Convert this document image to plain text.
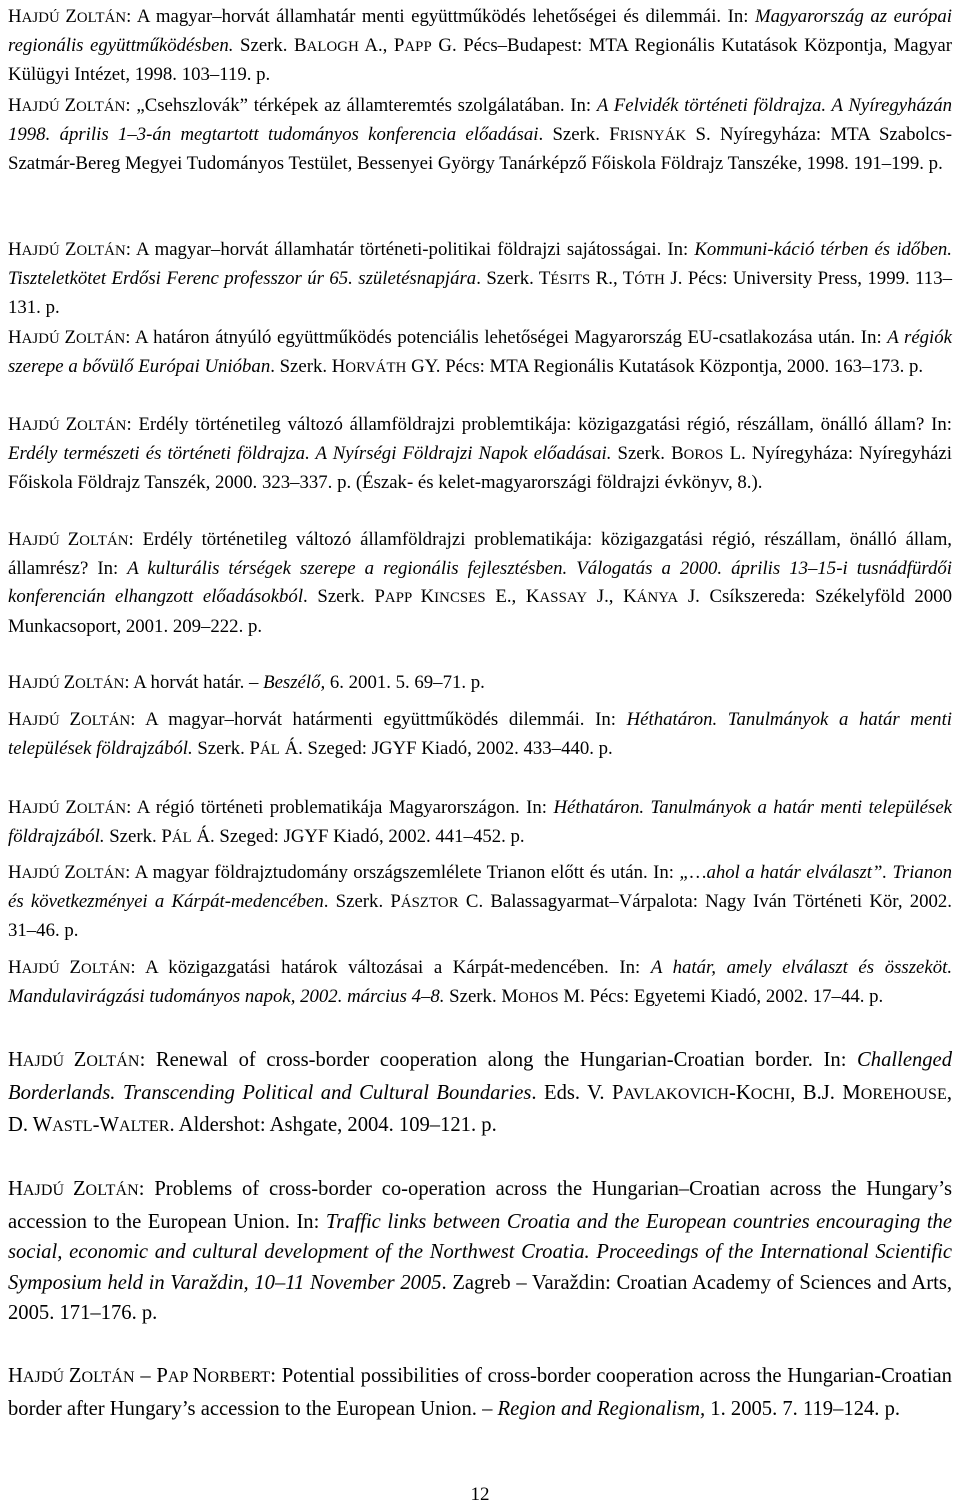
HAJDÚ ZOLTÁN: A magyar–horvát államhatár menti együttműködés lehetőségei és dilemmái. In: Magyarország az európai regionális együttműködésben. Szerk. BALOGH A., PAPP G. Pécs–Budapest: MTA Regionális Kutatások Központja, Magyar Külügyi Intézet, 1998. 103–119. p.
HAJDÚ ZOLTÁN: „Csehszlovák” térképek az államteremtés szolgálatában. In: A Felvidék történeti földrajza. A Nyíregyházán 1998. április 1–3-án megtartott tudományos konferencia előadásai. Szerk. FRISNYÁK S. Nyíregyháza: MTA Szabolcs-Szatmár-Bereg Megyei Tudományos Testület, Bessenyei György Tanárképző Főiskola Földrajz Tanszéke, 1998. 191–199. p.
HAJDÚ ZOLTÁN: A magyar–horvát államhatár történeti-politikai földrajzi sajátosságai. In: Kommuni-káció térben és időben. Tiszteletkötet Erdősi Ferenc professzor úr 65. születésnapjára. Szerk. TÉSITS R., TÓTH J. Pécs: University Press, 1999. 113–131. p.
HAJDÚ ZOLTÁN: A határon átnyúló együttműködés potenciális lehetőségei Magyarország EU-csatlakozása után. In: A régiók szerepe a bővülő Európai Unióban. Szerk. HORVÁTH GY. Pécs: MTA Regionális Kutatások Központja, 2000. 163–173. p.
HAJDÚ ZOLTÁN: Erdély történetileg változó államföldrajzi problemtikája: közigazgatási régió, részállam, önálló állam? In: Erdély természeti és történeti földrajza. A Nyírségi Földrajzi Napok előadásai. Szerk. BOROS L. Nyíregyháza: Nyíregyházi Főiskola Földrajz Tanszék, 2000. 323–337. p. (Észak- és kelet-magyarországi földrajzi évkönyv, 8.).
HAJDÚ ZOLTÁN: Erdély történetileg változó államföldrajzi problematikája: közigazgatási régió, részállam, önálló állam, államrész? In: A kulturális térségek szerepe a regionális fejlesztésben. Válogatás a 2000. április 13–15-i tusnádfürdői konferencián elhangzott előadásokból. Szerk. PAPP KINCSES E., KASSAY J., KÁNYA J. Csíkszereda: Székelyföld 2000 Munkacsoport, 2001. 209–222. p.
HAJDÚ ZOLTÁN: A horvát határ. – Beszélő, 6. 2001. 5. 69–71. p.
HAJDÚ ZOLTÁN: A magyar–horvát határmenti együttműködés dilemmái. In: Héthatáron. Tanulmányok a határ menti települések földrajzából. Szerk. PÁL Á. Szeged: JGYF Kiadó, 2002. 433–440. p.
HAJDÚ ZOLTÁN: A régió történeti problematikája Magyarországon. In: Héthatáron. Tanulmányok a határ menti települések földrajzából. Szerk. PÁL Á. Szeged: JGYF Kiadó, 2002. 441–452. p.
HAJDÚ ZOLTÁN: A magyar földrajztudomány országszemlélete Trianon előtt és után. In: „…ahol a határ elválaszt”. Trianon és következményei a Kárpát-medencében. Szerk. PÁSZTOR C. Balassagyarmat–Várpalota: Nagy Iván Történeti Kör, 2002. 31–46. p.
HAJDÚ ZOLTÁN: A közigazgatási határok változásai a Kárpát-medencében. In: A határ, amely elválaszt és összeköt. Mandulavirágzási tudományos napok, 2002. március 4–8. Szerk. MOHOS M. Pécs: Egyetemi Kiadó, 2002. 17–44. p.
HAJDÚ ZOLTÁN: Renewal of cross-border cooperation along the Hungarian-Croatian border. In: Challenged Borderlands. Transcending Political and Cultural Boundaries. Eds. V. PAVLAKOVICH-KOCHI, B.J. MOREHOUSE, D. WASTL-WALTER. Aldershot: Ashgate, 2004. 109–121. p.
HAJDÚ ZOLTÁN: Problems of cross-border co-operation across the Hungarian–Croatian across the Hungary’s accession to the European Union. In: Traffic links between Croatia and the European countries encouraging the social, economic and cultural development of the Northwest Croatia. Proceedings of the International Scientific Symposium held in Varaždin, 10–11 November 2005. Zagreb – Varaždin: Croatian Academy of Sciences and Arts, 2005. 171–176. p.
HAJDÚ ZOLTÁN – PAP NORBERT: Potential possibilities of cross-border cooperation across the Hungarian-Croatian border after Hungary’s accession to the European Union. – Region and Regionalism, 1. 2005. 7. 119–124. p.
12
